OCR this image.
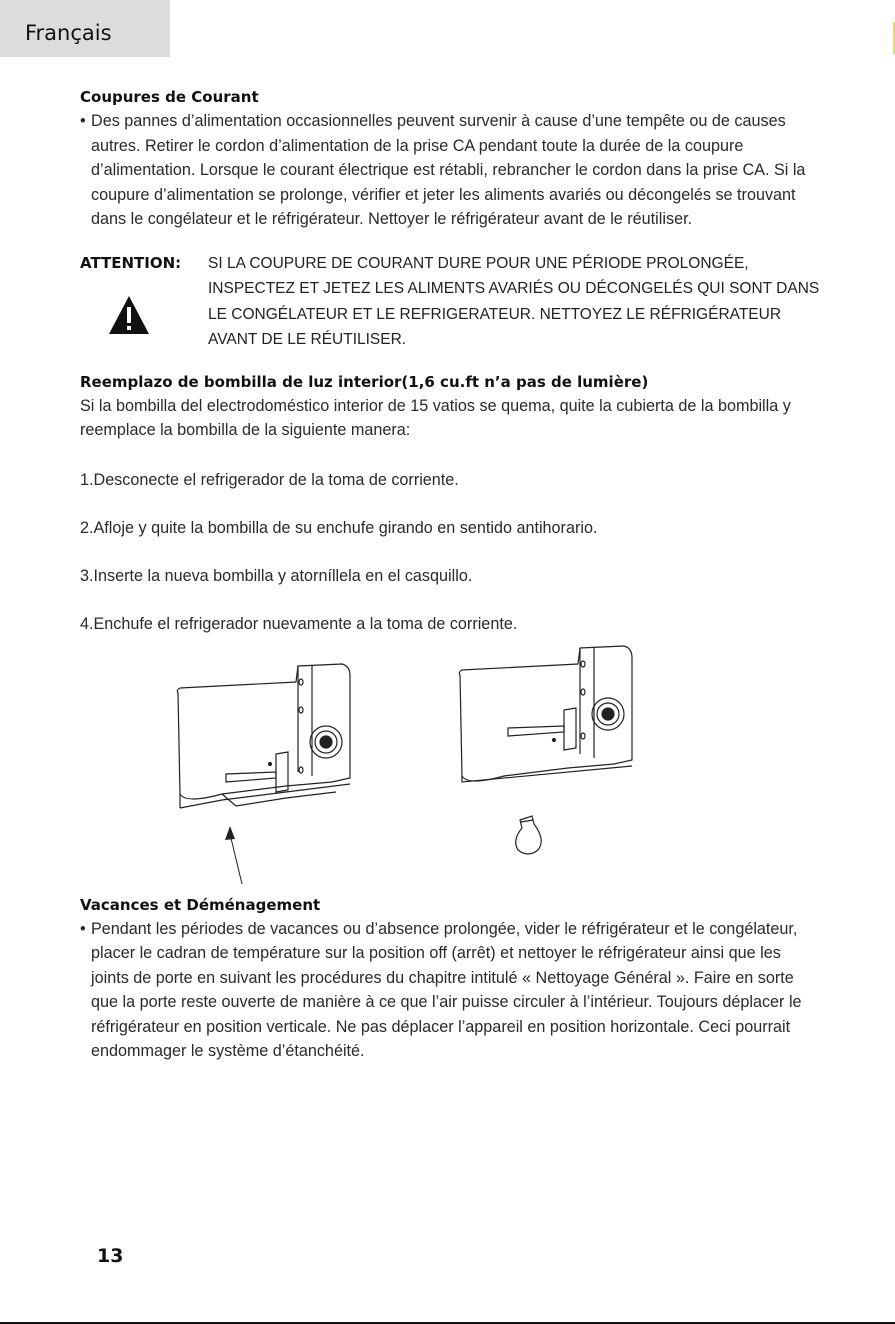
Français
Coupures de Courant
• Des pannes d’alimentation occasionnelles peuvent survenir à cause d’une tempête ou de causes autres. Retirer le cordon d’alimentation de la prise CA pendant toute la durée de la coupure d’alimentation. Lorsque le courant électrique est rétabli, rebrancher le cordon dans la prise CA. Si la coupure d’alimentation se prolonge, vérifier et jeter les aliments avariés ou décongelés se trouvant dans le congélateur et le réfrigérateur. Nettoyer le réfrigérateur avant de le réutiliser.
ATTENTION:	SI LA COUPURE DE COURANT DURE POUR UNE PÉRIODE PROLONGÉE, INSPECTEZ ET JETEZ LES ALIMENTS AVARIÉS OU DÉCONGELÉS QUI SONT DANS LE CONGÉLATEUR ET LE REFRIGERATEUR. NETTOYEZ LE RÉFRIGÉRATEUR AVANT DE LE RÉUTILISER.
Reemplazo de bombilla de luz interior(1,6 cu.ft n’a pas de lumière)
Si la bombilla del electrodoméstico interior de 15 vatios se quema, quite la cubierta de la bombilla y reemplace la bombilla de la siguiente manera:
1.Desconecte el refrigerador de la toma de corriente.
2.Afloje y quite la bombilla de su enchufe girando en sentido antihorario.
3.Inserte la nueva bombilla y atorníllela en el casquillo.
4.Enchufe el refrigerador nuevamente a la toma de corriente.
Vacances et Déménagement
• Pendant les périodes de vacances ou d’absence prolongée, vider le réfrigérateur et le congélateur, placer le cadran de température sur la position off (arrêt) et nettoyer le réfrigérateur ainsi que les joints de porte en suivant les procédures du chapitre intitulé « Nettoyage Général ». Faire en sorte que la porte reste ouverte de manière à ce que l’air puisse circuler à l’intérieur. Toujours déplacer le réfrigérateur en position verticale. Ne pas déplacer l’appareil en position horizontale. Ceci pourrait endommager le système d’étanchéité.
13
